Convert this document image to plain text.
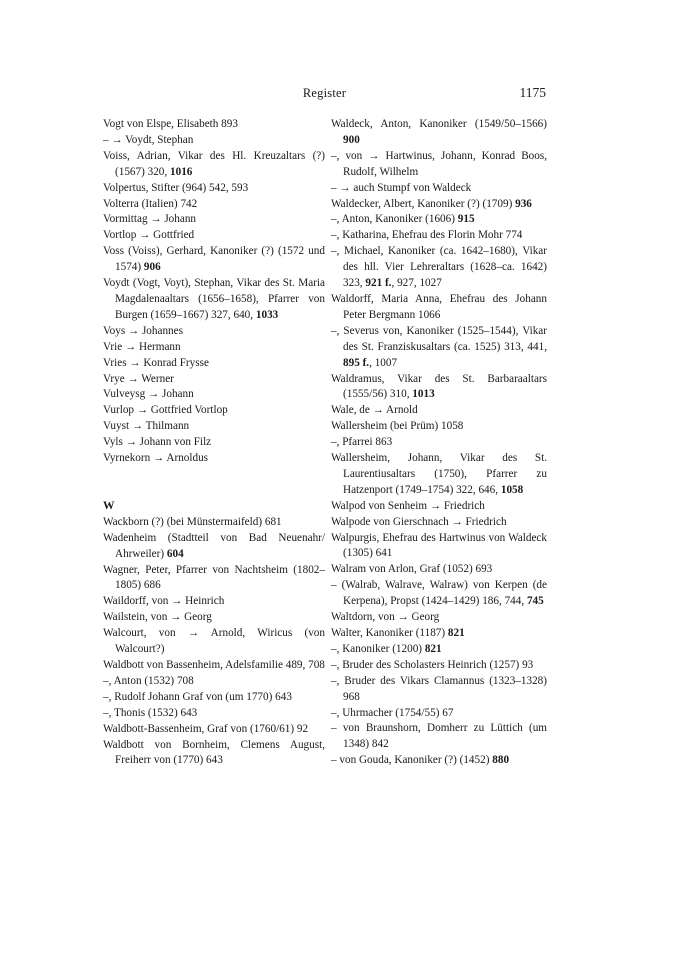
Register	1175
Vogt von Elspe, Elisabeth 893
– → Voydt, Stephan
Voiss, Adrian, Vikar des Hl. Kreuzaltars (?) (1567) 320, 1016
Volpertus, Stifter (964) 542, 593
Volterra (Italien) 742
Vormittag → Johann
Vortlop → Gottfried
Voss (Voiss), Gerhard, Kanoniker (?) (1572 und 1574) 906
Voydt (Vogt, Voyt), Stephan, Vikar des St. Maria Magdalenaaltars (1656–1658), Pfarrer von Burgen (1659–1667) 327, 640, 1033
Voys → Johannes
Vrie → Hermann
Vries → Konrad Frysse
Vrye → Werner
Vulveysg → Johann
Vurlop → Gottfried Vortlop
Vuyst → Thilmann
Vyls → Johann von Filz
Vyrnekorn → Arnoldus
W
Wackborn (?) (bei Münstermaifeld) 681
Wadenheim (Stadtteil von Bad Neuenahr/ Ahrweiler) 604
Wagner, Peter, Pfarrer von Nachtsheim (1802–1805) 686
Waildorff, von → Heinrich
Wailstein, von → Georg
Walcourt, von → Arnold, Wiricus (von Walcourt?)
Waldbott von Bassenheim, Adelsfamilie 489, 708
–, Anton (1532) 708
–, Rudolf Johann Graf von (um 1770) 643
–, Thonis (1532) 643
Waldbott-Bassenheim, Graf von (1760/61) 92
Waldbott von Bornheim, Clemens August, Freiherr von (1770) 643
Waldeck, Anton, Kanoniker (1549/50–1566) 900
–, von → Hartwinus, Johann, Konrad Boos, Rudolf, Wilhelm
– → auch Stumpf von Waldeck
Waldecker, Albert, Kanoniker (?) (1709) 936
–, Anton, Kanoniker (1606) 915
–, Katharina, Ehefrau des Florin Mohr 774
–, Michael, Kanoniker (ca. 1642–1680), Vikar des hll. Vier Lehreraltars (1628–ca. 1642) 323, 921 f., 927, 1027
Waldorff, Maria Anna, Ehefrau des Johann Peter Bergmann 1066
–, Severus von, Kanoniker (1525–1544), Vikar des St. Franziskusaltars (ca. 1525) 313, 441, 895 f., 1007
Waldramus, Vikar des St. Barbaraaltars (1555/56) 310, 1013
Wale, de → Arnold
Wallersheim (bei Prüm) 1058
–, Pfarrei 863
Wallersheim, Johann, Vikar des St. Laurentiusaltars (1750), Pfarrer zu Hatzenport (1749–1754) 322, 646, 1058
Walpod von Senheim → Friedrich
Walpode von Gierschnach → Friedrich
Walpurgis, Ehefrau des Hartwinus von Waldeck (1305) 641
Walram von Arlon, Graf (1052) 693
– (Walrab, Walrave, Walraw) von Kerpen (de Kerpena), Propst (1424–1429) 186, 744, 745
Waltdorn, von → Georg
Walter, Kanoniker (1187) 821
–, Kanoniker (1200) 821
–, Bruder des Scholasters Heinrich (1257) 93
–, Bruder des Vikars Clamannus (1323–1328) 968
–, Uhrmacher (1754/55) 67
– von Braunshorn, Domherr zu Lüttich (um 1348) 842
– von Gouda, Kanoniker (?) (1452) 880
